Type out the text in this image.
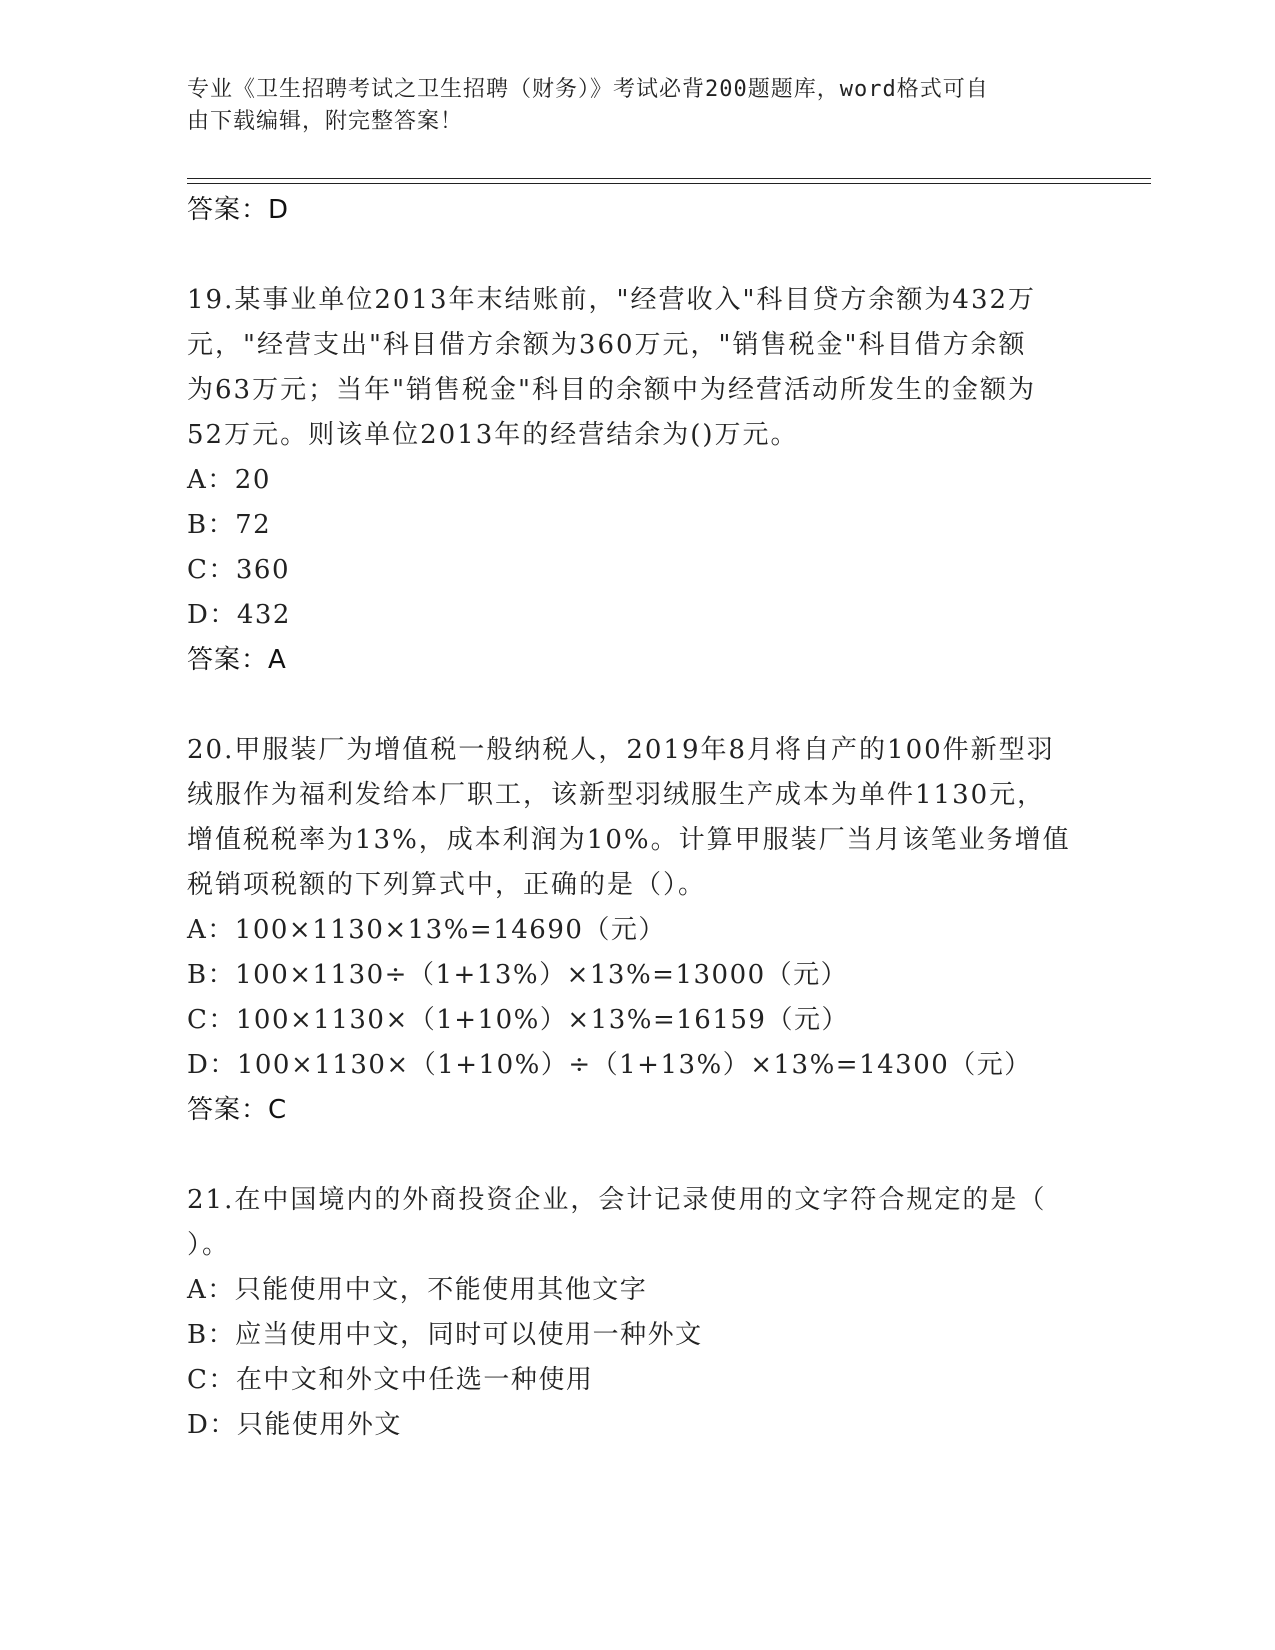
专业《卫生招聘考试之卫生招聘（财务）》考试必背200题题库，word格式可自
由下载编辑，附完整答案！
答案：D
19.某事业单位2013年末结账前，"经营收入"科目贷方余额为432万
元，"经营支出"科目借方余额为360万元，"销售税金"科目借方余额
为63万元；当年"销售税金"科目的余额中为经营活动所发生的金额为
52万元。则该单位2013年的经营结余为()万元。
A：20
B：72
C：360
D：432
答案：A
20.甲服装厂为增值税一般纳税人，2019年8月将自产的100件新型羽
绒服作为福利发给本厂职工，该新型羽绒服生产成本为单件1130元，
增值税税率为13%，成本利润为10%。计算甲服装厂当月该笔业务增值
税销项税额的下列算式中，正确的是（）。
A：100×1130×13%=14690（元）
B：100×1130÷（1+13%）×13%=13000（元）
C：100×1130×（1+10%）×13%=16159（元）
D：100×1130×（1+10%）÷（1+13%）×13%=14300（元）
答案：C
21.在中国境内的外商投资企业，会计记录使用的文字符合规定的是（
）。
A：只能使用中文，不能使用其他文字
B：应当使用中文，同时可以使用一种外文
C：在中文和外文中任选一种使用
D：只能使用外文
